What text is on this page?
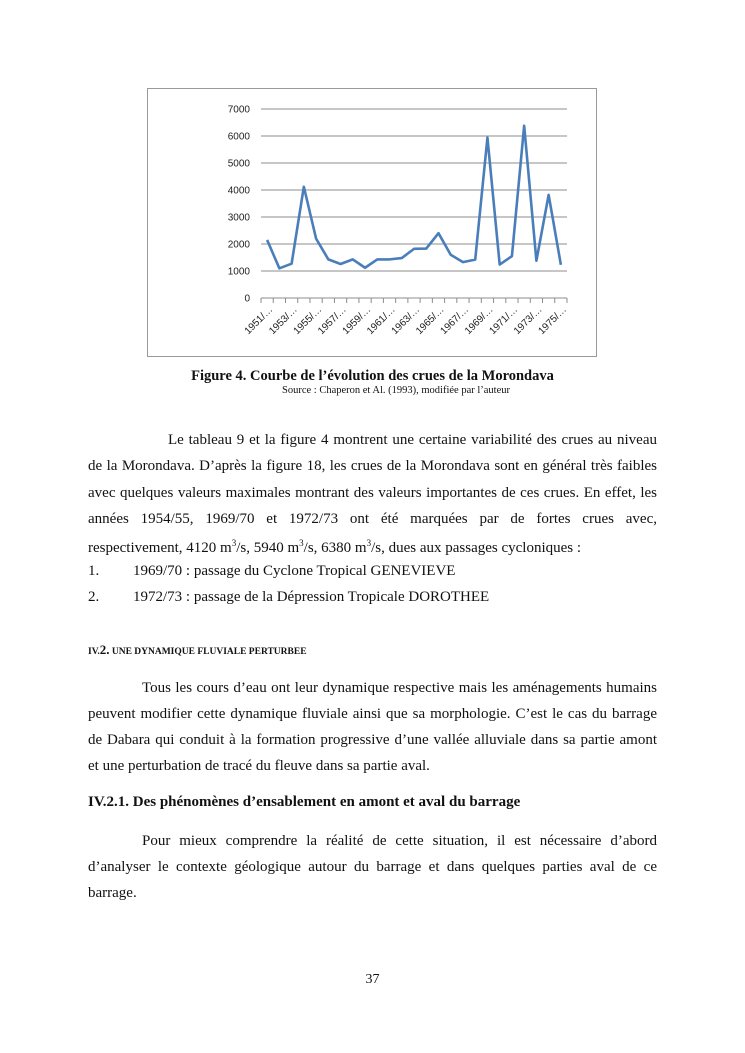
0
1000
2000
3000
4000
5000
6000
7000
1951/…
1953/…
1955/…
1957/…
1959/…
1961/…
1963/…
1965/…
1967/…
1969/…
1971/…
1973/…
1975/…
Figure 4. Courbe de l’évolution des crues de la Morondava
Source : Chaperon et Al. (1993), modifiée par l’auteur
Le tableau 9 et la figure 4 montrent une certaine variabilité des crues au niveau
de la Morondava. D’après la figure 18, les crues de la Morondava sont en général très faibles
avec quelques valeurs maximales montrant des valeurs importantes de ces crues. En effet, les
années 1954/55, 1969/70 et 1972/73 ont été marquées par de fortes crues avec,
respectivement, 4120 $m^3/s$, 5940 $m^3/s$, 6380 $m^3/s$, dues aux passages cycloniques :
1. 1969/70 : passage du Cyclone Tropical GENEVIEVE
2. 1972/73 : passage de la Dépression Tropicale DOROTHEE
IV.2. UNE DYNAMIQUE FLUVIALE PERTURBEE
Tous les cours d’eau ont leur dynamique respective mais les aménagements humains
peuvent modifier cette dynamique fluviale ainsi que sa morphologie. C’est le cas du barrage
de Dabara qui conduit à la formation progressive d’une vallée alluviale dans sa partie amont
et une perturbation de tracé du fleuve dans sa partie aval.
IV.2.1. Des phénomènes d’ensablement en amont et aval du barrage
Pour mieux comprendre la réalité de cette situation, il est nécessaire d’abord
d’analyser le contexte géologique autour du barrage et dans quelques parties aval de ce
barrage.
37
